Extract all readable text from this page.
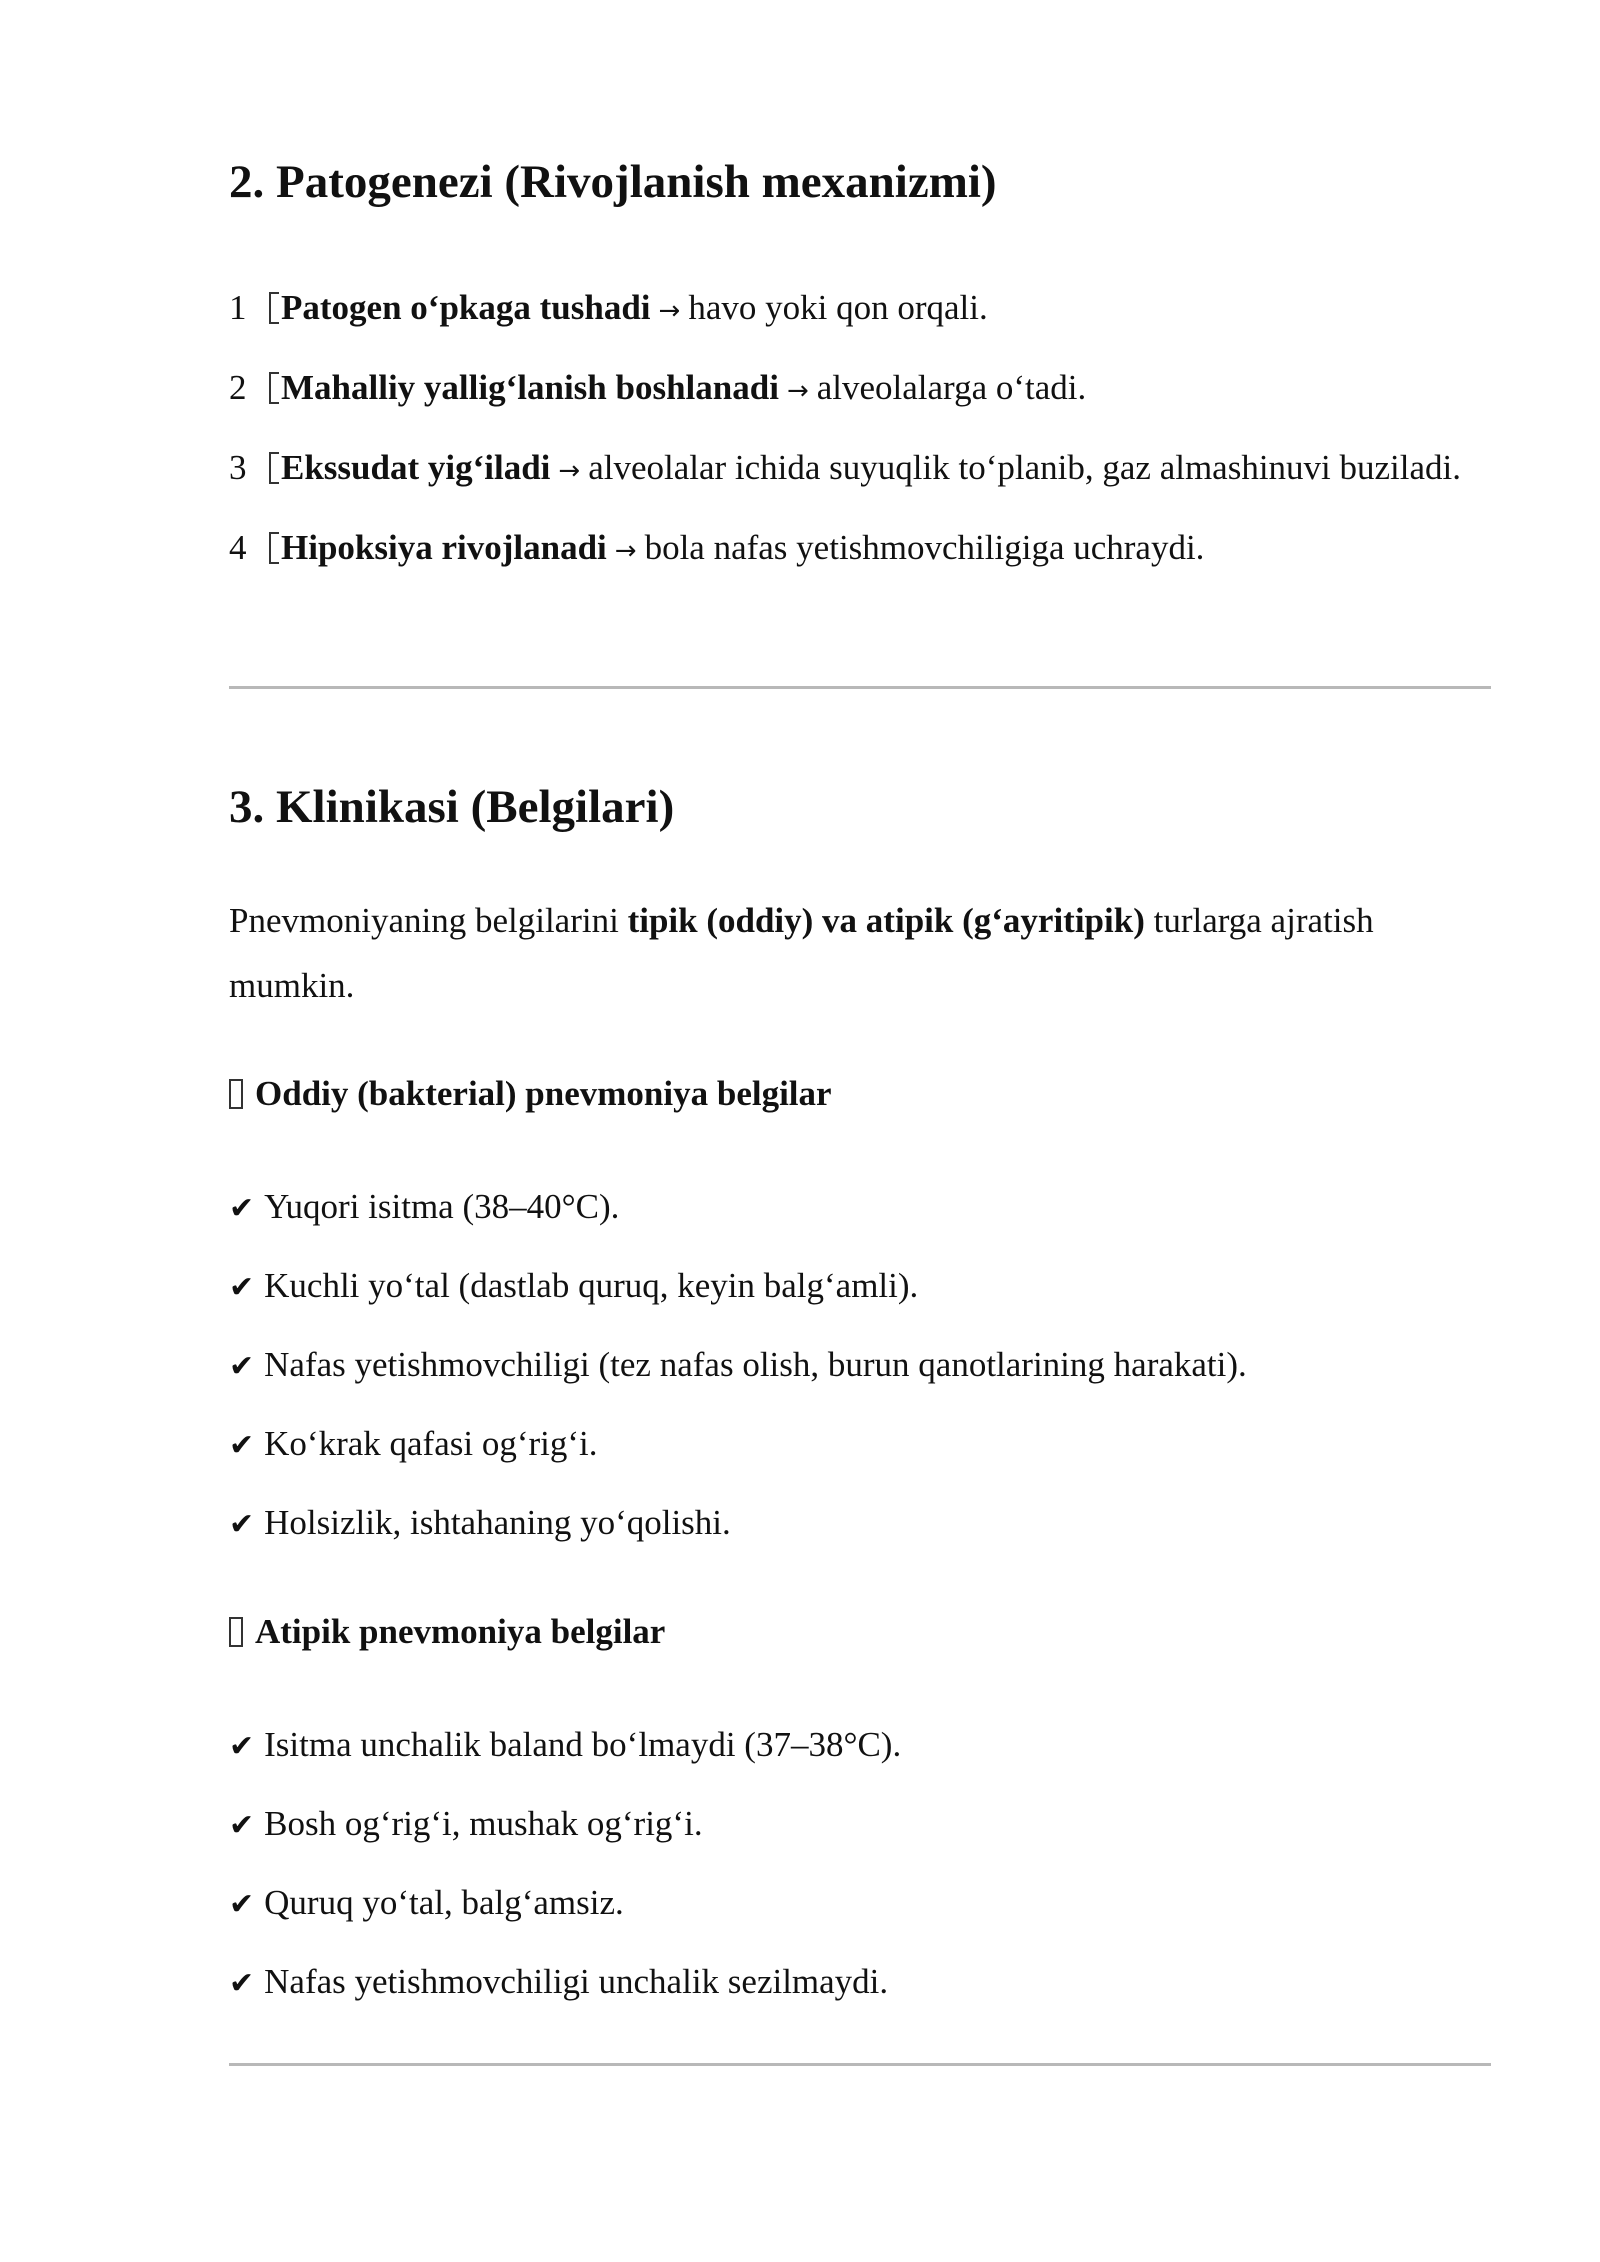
2. Patogenezi (Rivojlanish mexanizmi)

1 Patogen o‘pkaga tushadi → havo yoki qon orqali.

2 Mahalliy yallig‘lanish boshlanadi → alveolalarga o‘tadi.

3 Ekssudat yig‘iladi → alveolalar ichida suyuqlik to‘planib, gaz almashinuvi buziladi.

4 Hipoksiya rivojlanadi → bola nafas yetishmovchiligiga uchraydi.

3. Klinikasi (Belgilari)

Pnevmoniyaning belgilarini tipik (oddiy) va atipik (g‘ayritipik) turlarga ajratish mumkin.

Oddiy (bakterial) pnevmoniya belgilar

✔ Yuqori isitma (38–40°C).
✔ Kuchli yo‘tal (dastlab quruq, keyin balg‘amli).
✔ Nafas yetishmovchiligi (tez nafas olish, burun qanotlarining harakati).
✔ Ko‘krak qafasi og‘rig‘i.
✔ Holsizlik, ishtahaning yo‘qolishi.

Atipik pnevmoniya belgilar

✔ Isitma unchalik baland bo‘lmaydi (37–38°C).
✔ Bosh og‘rig‘i, mushak og‘rig‘i.
✔ Quruq yo‘tal, balg‘amsiz.
✔ Nafas yetishmovchiligi unchalik sezilmaydi.
